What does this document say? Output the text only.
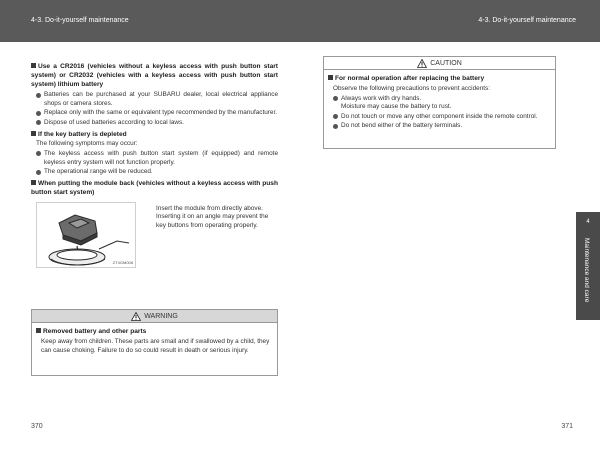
4-3. Do-it-yourself maintenance	4-3. Do-it-yourself maintenance
Use a CR2016 (vehicles without a keyless access with push button start system) or CR2032 (vehicles with a keyless access with push button start system) lithium battery
Batteries can be purchased at your SUBARU dealer, local electrical appliance shops or camera stores.
Replace only with the same or equivalent type recommended by the manufacturer.
Dispose of used batteries according to local laws.
If the key battery is depleted
The following symptoms may occur:
The keyless access with push button start system (if equipped) and remote keyless entry system will not function properly.
The operational range will be reduced.
When putting the module back (vehicles without a keyless access with push button start system)
ZT4GM008
Insert the module from directly above. Inserting it on an angle may prevent the key buttons from operating properly.
WARNING
Removed battery and other parts
Keep away from children. These parts are small and if swallowed by a child, they can cause choking. Failure to do so could result in death or serious injury.
CAUTION
For normal operation after replacing the battery
Observe the following precautions to prevent accidents:
Always work with dry hands.
Moisture may cause the battery to rust.
Do not touch or move any other component inside the remote control.
Do not bend either of the battery terminals.
4
Maintenance and care
370	371
